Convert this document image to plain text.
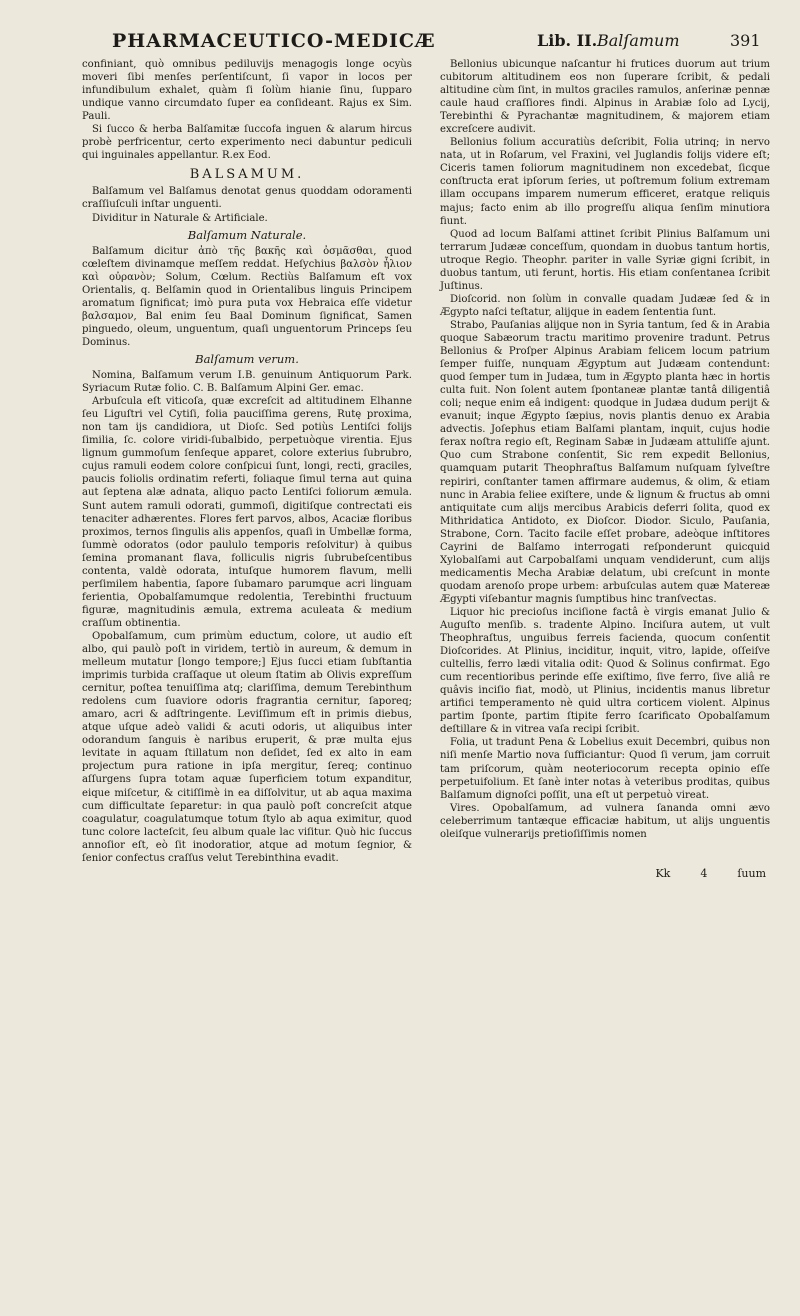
PHARMACEUTICO-MEDICÆ	Lib. II. Balſamum	391

confiniant, quò omnibus pediluvijs menagogis longe ocyùs moveri ſibi menſes perſentiſcunt, ſi vapor in locos per infundibulum exhalet, quàm ſi ſolùm hianie ſinu, ſupparo undique vanno circumdato ſuper ea conſideant. Rajus ex Sim. Pauli.

Si ſucco & herba Balſamitæ ſuccofa inguen & alarum hircus probè perfricentur, certo experimento neci dabuntur pediculi qui inguinales appellantur. R.ex Eod.

BALSAMUM.

Balſamum vel Balſamus denotat genus quoddam odoramenti craſſiuſculi inſtar unguenti.

Dividitur in Naturale & Artificiale.

Balſamum Naturale.

Balſamum dicitur ἀπὸ τῆς βακῆς καὶ ὀσμᾶσθαι, quod cœleſtem divinamque meſſem reddat. Heſychius βαλσὸν ἦλιον καὶ οὐρανὸν; Solum, Cœlum. Rectiùs Balſamum eſt vox Orientalis, q. Belſamin quod in Orientalibus linguis Principem aromatum ſignificat; imò pura puta vox Hebraica eſſe videtur βαλσαμον, Bal enim ſeu Baal Dominum ſignificat, Samen pinguedo, oleum, unguentum, quaſi unguentorum Princeps ſeu Dominus.

Balſamum verum.

Nomina, Balſamum verum I.B. genuinum Antiquorum Park. Syriacum Rutæ folio. C. B. Balſamum Alpini Ger. emac.

Arbuſcula eſt viticoſa, quæ excreſcit ad altitudinem Elhanne ſeu Liguſtri vel Cytiſi, folia pauciſſima gerens, Rutę proxima, non tam ijs candidiora, ut Dioſc. Sed potiùs Lentiſci folijs ſimilia, ſc. colore viridi-ſubalbido, perpetuòque virentia. Ejus lignum gummoſum ſenſeque apparet, colore exterius ſubrubro, cujus ramuli eodem colore conſpicui ſunt, longi, recti, graciles, paucis foliolis ordinatim referti, foliaque ſimul terna aut quina aut ſeptena alæ adnata, aliquo pacto Lentiſci foliorum æmula. Sunt autem ramuli odorati, gummoſi, digitiſque contrectati eis tenaciter adhærentes. Flores fert parvos, albos, Acaciæ floribus proximos, ternos ſingulis alis appenſos, quaſi in Umbellæ forma, ſummè odoratos (odor paululo temporis reſolvitur) à quibus ſemina promanant flava, folliculis nigris ſubrubeſcentibus contenta, valdè odorata, intuſque humorem flavum, melli perſimilem habentia, ſapore ſubamaro parumque acri linguam ferientia, Opobalſamumque redolentia, Terebinthi fructuum figuræ, magnitudinis æmula, extrema aculeata & medium craſſum obtinentia.

Opobalſamum, cum primùm eductum, colore, ut audio eſt albo, qui paulò poſt in viridem, tertiò in aureum, & demum in melleum mutatur [longo tempore;] Ejus ſucci etiam ſubſtantia imprimis turbida craſſaque ut oleum ſtatim ab Olivis expreſſum cernitur, poſtea tenuiſſima atq; clariſſima, demum Terebinthum redolens cum ſuaviore odoris fragrantia cernitur, ſaporeq; amaro, acri & adſtringente. Leviſſimum eſt in primis diebus, atque uſque adeò validi & acuti odoris, ut aliquibus inter odorandum ſanguis è naribus eruperit, & præ multa ejus levitate in aquam ſtillatum non deſidet, ſed ex alto in eam projectum pura ratione in ipſa mergitur, ſereq; continuo aſſurgens ſupra totam aquæ ſuperficiem totum expanditur, eique miſcetur, & citiſſimè in ea diſſolvitur, ut ab aqua maxima cum difficultate ſeparetur: in qua paulò poſt concreſcit atque coagulatur, coagulatumque totum ſtylo ab aqua eximitur, quod tunc colore lacteſcit, ſeu album quale lac viſitur. Quò hic ſuccus annoſior eſt, eò ſit inodoratior, atque ad motum ſegnior, & ſenior confectus craſſus velut Terebinthina evadit.

Bellonius ubicunque naſcantur hi frutices duorum aut trium cubitorum altitudinem eos non ſuperare ſcribit, & pedali altitudine cùm ſint, in multos graciles ramulos, anſerinæ pennæ caule haud craſſiores findi. Alpinus in Arabiæ ſolo ad Lycij, Terebinthi & Pyrachantæ magnitudinem, & majorem etiam excreſcere audivit.

Bellonius folium accuratiùs deſcribit, Folia utrinq; in nervo nata, ut in Roſarum, vel Fraxini, vel Juglandis folijs videre eſt; Ciceris tamen foliorum magnitudinem non excedebat, ſicque conſtructa erat ipſorum ſeries, ut poſtremum folium extremam illam occupans imparem numerum efficeret, eratque reliquis majus; facto enim ab illo progreſſu aliqua ſenſim minutiora fiunt.

Quod ad locum Balſami attinet ſcribit Plinius Balſamum uni terrarum Judææ conceſſum, quondam in duobus tantum hortis, utroque Regio. Theophr. pariter in valle Syriæ gigni ſcribit, in duobus tantum, uti ferunt, hortis. His etiam conſentanea ſcribit Juſtinus.

Dioſcorid. non ſolùm in convalle quadam Judææ ſed & in Ægypto naſci teſtatur, alijque in eadem ſententia ſunt.

Strabo, Pauſanias alijque non in Syria tantum, ſed & in Arabia quoque Sabæorum tractu maritimo provenire tradunt. Petrus Bellonius & Proſper Alpinus Arabiam felicem locum patrium ſemper fuiſſe, nunquam Ægyptum aut Judæam contendunt: quod ſemper tum in Judæa, tum in Ægypto planta hæc in hortis culta fuit. Non ſolent autem ſpontaneæ plantæ tantâ diligentiâ coli; neque enim eâ indigent: quodque in Judæa dudum perijt & evanuit; inque Ægypto ſæpius, novis plantis denuo ex Arabia advectis. Joſephus etiam Balſami plantam, inquit, cujus hodie ferax noſtra regio eſt, Reginam Sabæ in Judæam attuliſſe ajunt. Quo cum Strabone conſentit, Sic rem expedit Bellonius, quamquam putarit Theophraſtus Balſamum nuſquam ſylveſtre repiriri, conſtanter tamen affirmare audemus, & olim, & etiam nunc in Arabia feliee exiſtere, unde & lignum & fructus ab omni antiquitate cum alijs mercibus Arabicis deferri ſolita, quod ex Mithridatica Antidoto, ex Dioſcor. Diodor. Siculo, Pauſania, Strabone, Corn. Tacito facile eſſet probare, adeòque inſtitores Cayrini de Balſamo interrogati reſponderunt quicquid Xylobalſami aut Carpobalſami unquam vendiderunt, cum alijs medicamentis Mecha Arabiæ delatum, ubi creſcunt in monte quodam arenoſo prope urbem: arbuſculas autem quæ Matereæ Ægypti viſebantur magnis ſumptibus hinc tranſvectas.

Liquor hic precioſus inciſione factâ è virgis emanat Julio & Auguſto menſib. s. tradente Alpino. Inciſura autem, ut vult Theophraſtus, unguibus ferreis facienda, quocum conſentit Dioſcorides. At Plinius, inciditur, inquit, vitro, lapide, oſſeiſve cultellis, ferro lædi vitalia odit: Quod & Solinus confirmat. Ego cum recentioribus perinde eſſe exiſtimo, ſive ferro, ſive aliâ re quâvis inciſio fiat, modò, ut Plinius, incidentis manus libretur artifici temperamento nè quid ultra corticem violent. Alpinus partim ſponte, partim ſtipite ferro ſcarificato Opobalſamum deſtillare & in vitrea vaſa recipi ſcribit.

Folia, ut tradunt Pena & Lobelius exuit Decembri, quibus non niſi menſe Martio nova ſufficiantur: Quod ſi verum, jam corruit tam priſcorum, quàm neoteriocorum recepta opinio eſſe perpetuifolium. Et ſanè inter notas à veteribus proditas, quibus Balſamum dignoſci poſſit, una eſt ut perpetuò vireat.

Vires. Opobalſamum, ad vulnera ſananda omni ævo celeberrimum tantæque efficaciæ habitum, ut alijs unguentis oleiſque vulnerarijs pretioſiſſimis nomen

Kk	4	ſuum
